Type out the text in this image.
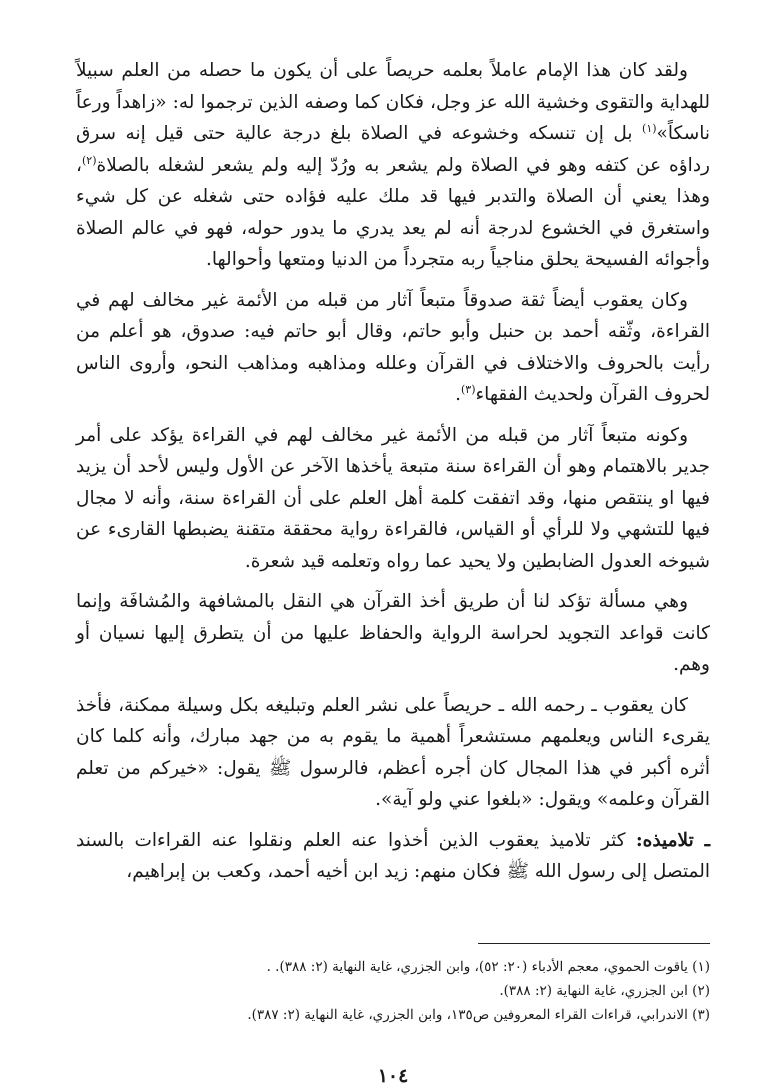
ولقد كان هذا الإمام عاملاً بعلمه حريصاً على أن يكون ما حصله من العلم سبيلاً للهداية والتقوى وخشية الله عز وجل، فكان كما وصفه الذين ترجموا له: «زاهداً ورعاً ناسكاً»$^{(١)}$ بل إن تنسكه وخشوعه في الصلاة بلغ درجة عالية حتى قيل إنه سرق رداؤه عن كتفه وهو في الصلاة ولم يشعر به ورُدّ إليه ولم يشعر لشغله بالصلاة$^{(٢)}$، وهذا يعني أن الصلاة والتدبر فيها قد ملك عليه فؤاده حتى شغله عن كل شيء واستغرق في الخشوع لدرجة أنه لم يعد يدري ما يدور حوله، فهو في عالم الصلاة وأجوائه الفسيحة يحلق مناجياً ربه متجرداً من الدنيا ومتعها وأحوالها.

وكان يعقوب أيضاً ثقة صدوقاً متبعاً آثار من قبله من الأئمة غير مخالف لهم في القراءة، وثّقه أحمد بن حنبل وأبو حاتم، وقال أبو حاتم فيه: صدوق، هو أعلم من رأيت بالحروف والاختلاف في القرآن وعلله ومذاهبه ومذاهب النحو، وأروى الناس لحروف القرآن ولحديث الفقهاء$^{(٣)}$.

وكونه متبعاً آثار من قبله من الأئمة غير مخالف لهم في القراءة يؤكد على أمر جدير بالاهتمام وهو أن القراءة سنة متبعة يأخذها الآخر عن الأول وليس لأحد أن يزيد فيها او ينتقص منها، وقد اتفقت كلمة أهل العلم على أن القراءة سنة، وأنه لا مجال فيها للتشهي ولا للرأي أو القياس، فالقراءة رواية محققة متقنة يضبطها القارىء عن شيوخه العدول الضابطين ولا يحيد عما رواه وتعلمه قيد شعرة.

وهي مسألة تؤكد لنا أن طريق أخذ القرآن هي النقل بالمشافهة والمُشافَة وإنما كانت قواعد التجويد لحراسة الرواية والحفاظ عليها من أن يتطرق إليها نسيان أو وهم.

كان يعقوب ـ رحمه الله ـ حريصاً على نشر العلم وتبليغه بكل وسيلة ممكنة، فأخذ يقرىء الناس ويعلمهم مستشعراً أهمية ما يقوم به من جهد مبارك، وأنه كلما كان أثره أكبر في هذا المجال كان أجره أعظم، فالرسول ﷺ يقول: «خيركم من تعلم القرآن وعلمه» ويقول: «بلغوا عني ولو آية».

ـ تلاميذه: كثر تلاميذ يعقوب الذين أخذوا عنه العلم ونقلوا عنه القراءات بالسند المتصل إلى رسول الله ﷺ فكان منهم: زيد ابن أخيه أحمد، وكعب بن إبراهيم،

(١) ياقوت الحموي، معجم الأدباء (٢٠: ٥٢)، وابن الجزري، غاية النهاية (٢: ٣٨٨). .
(٢) ابن الجزري، غاية النهاية (٢: ٣٨٨).
(٣) الاندرابي، قراءات القراء المعروفين ص١٣٥، وابن الجزري، غاية النهاية (٢: ٣٨٧).
١٠٤
